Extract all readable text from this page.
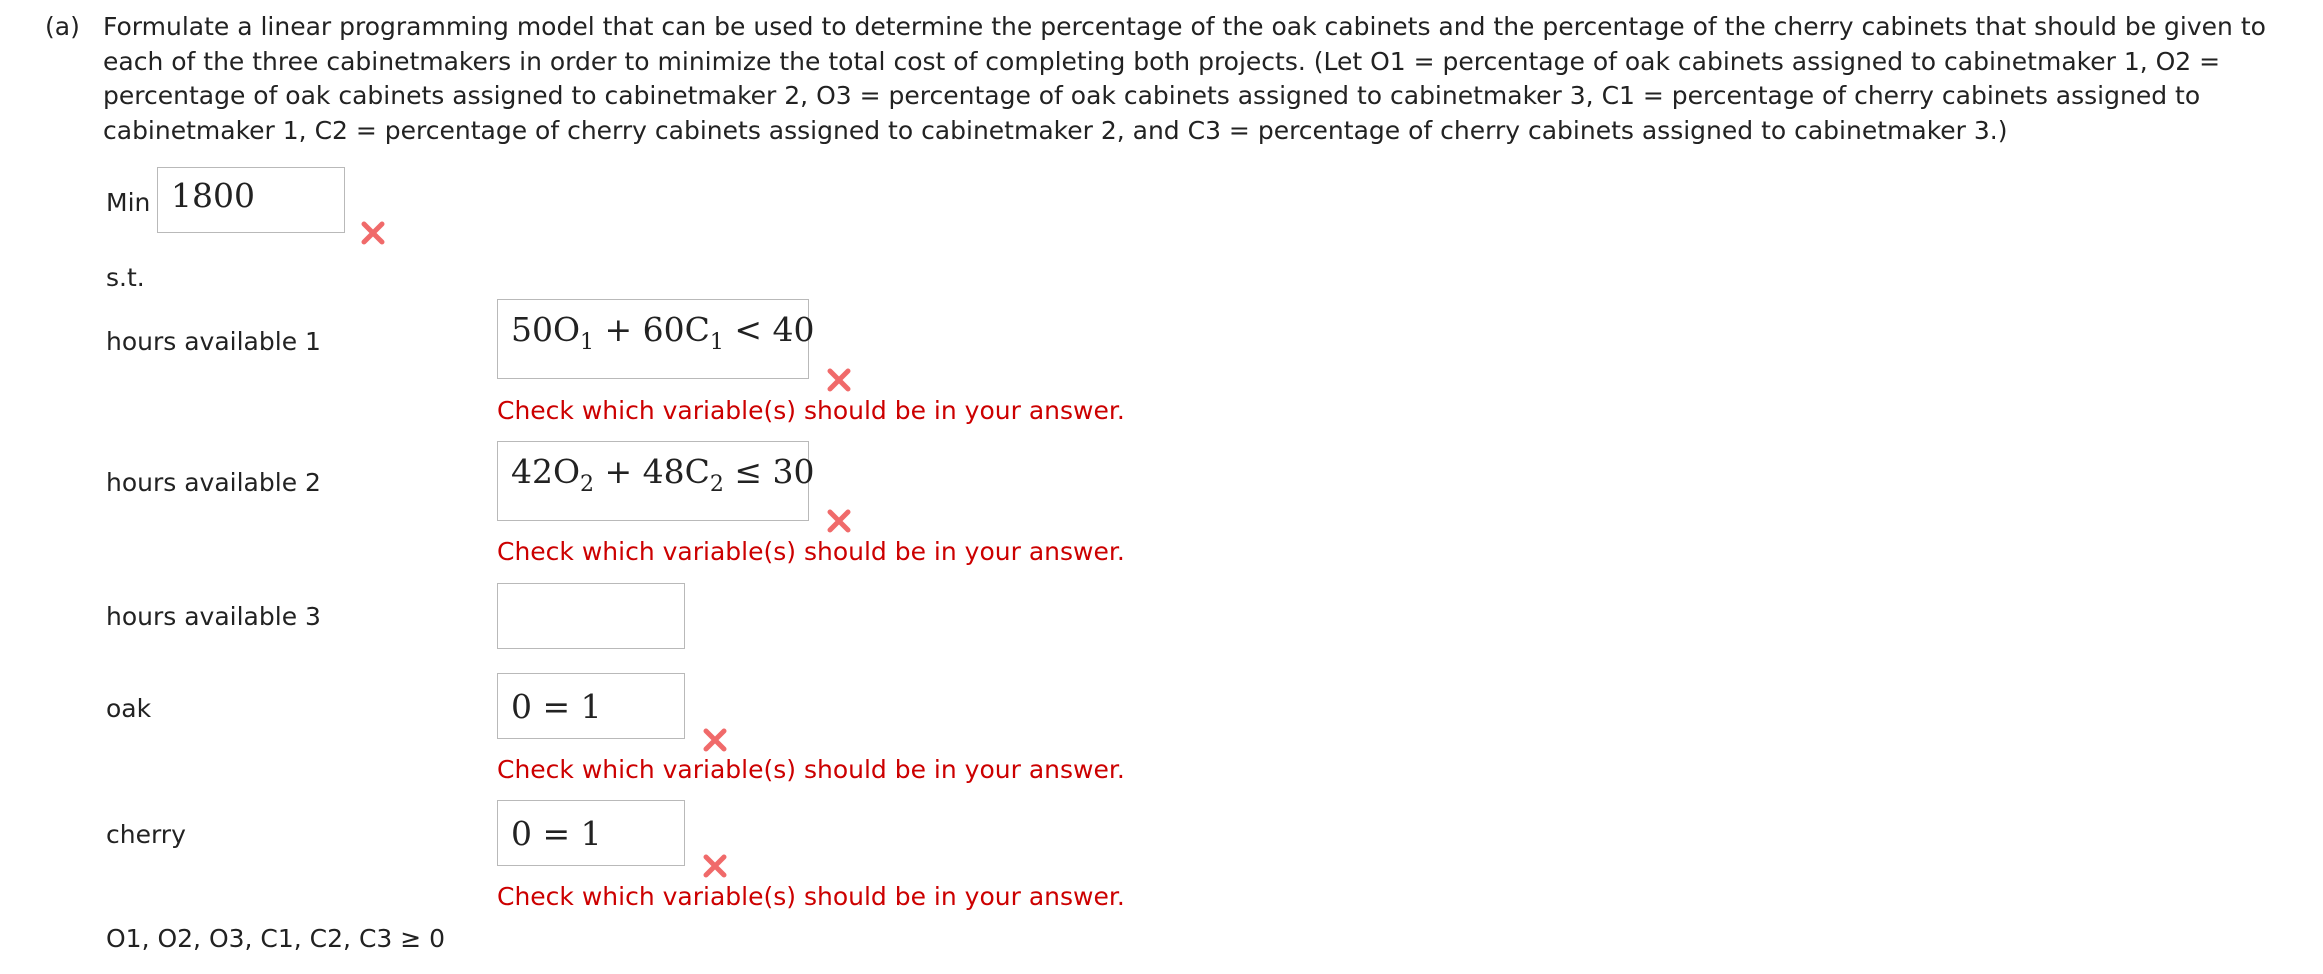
(a) Formulate a linear programming model that can be used to determine the percentage of the oak cabinets and the percentage of the cherry cabinets that should be given to each of the three cabinetmakers in order to minimize the total cost of completing both projects. (Let O1 = percentage of oak cabinets assigned to cabinetmaker 1, O2 = percentage of oak cabinets assigned to cabinetmaker 2, O3 = percentage of oak cabinets assigned to cabinetmaker 3, C1 = percentage of cherry cabinets assigned to cabinetmaker 1, C2 = percentage of cherry cabinets assigned to cabinetmaker 2, and C3 = percentage of cherry cabinets assigned to cabinetmaker 3.)
Min 1800
s.t.
hours available 1	$50O_1 + 60C_1 < 40$
Check which variable(s) should be in your answer.
hours available 2	$42O_2 + 48C_2 \le 30$
Check which variable(s) should be in your answer.
hours available 3
oak	0 = 1
Check which variable(s) should be in your answer.
cherry	0 = 1
Check which variable(s) should be in your answer.
O1, O2, O3, C1, C2, C3 ≥ 0
